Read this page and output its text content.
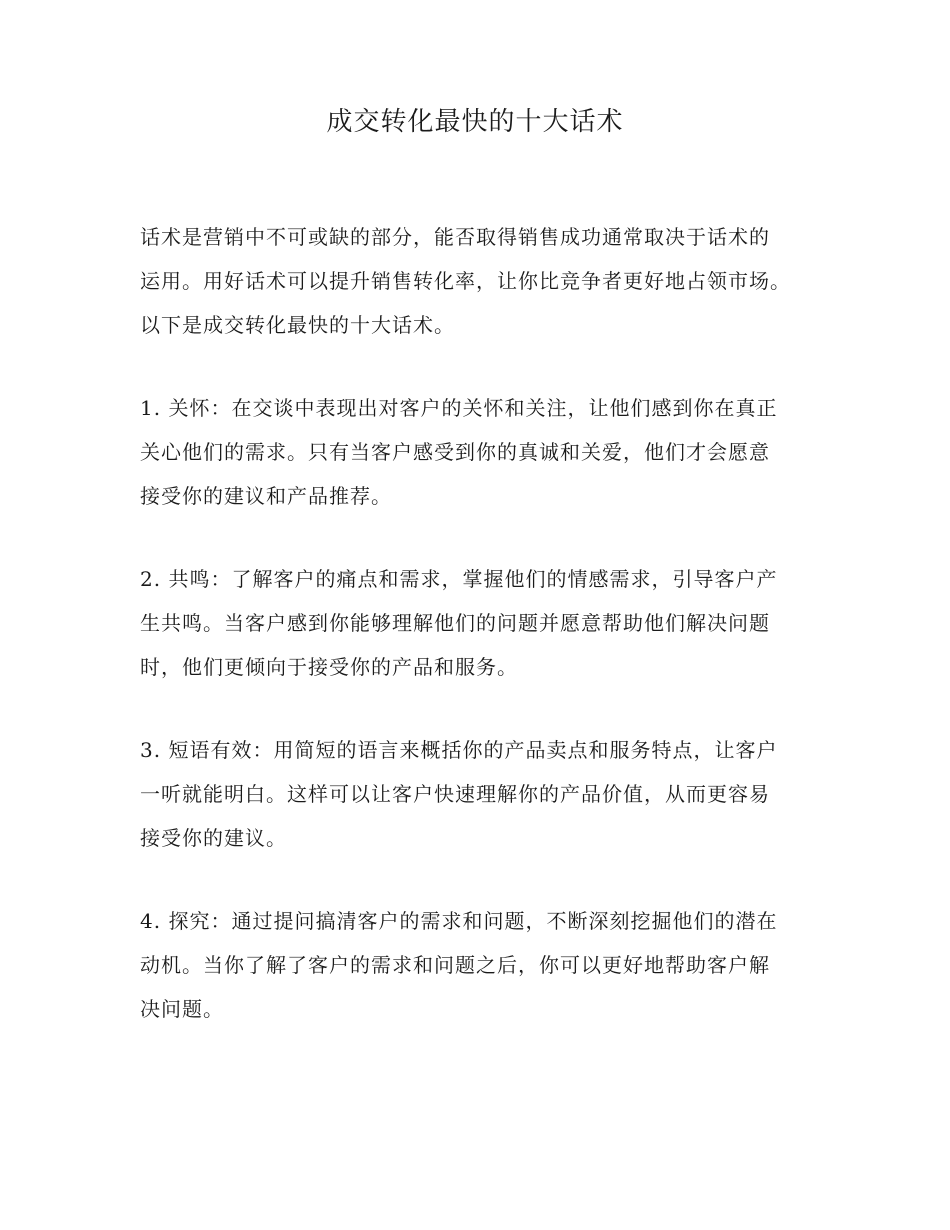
成交转化最快的十大话术
话术是营销中不可或缺的部分，能否取得销售成功通常取决于话术的
运用。用好话术可以提升销售转化率，让你比竞争者更好地占领市场。
以下是成交转化最快的十大话术。
1. 关怀：在交谈中表现出对客户的关怀和关注，让他们感到你在真正
关心他们的需求。只有当客户感受到你的真诚和关爱，他们才会愿意
接受你的建议和产品推荐。
2. 共鸣：了解客户的痛点和需求，掌握他们的情感需求，引导客户产
生共鸣。当客户感到你能够理解他们的问题并愿意帮助他们解决问题
时，他们更倾向于接受你的产品和服务。
3. 短语有效：用简短的语言来概括你的产品卖点和服务特点，让客户
一听就能明白。这样可以让客户快速理解你的产品价值，从而更容易
接受你的建议。
4. 探究：通过提问搞清客户的需求和问题，不断深刻挖掘他们的潜在
动机。当你了解了客户的需求和问题之后，你可以更好地帮助客户解
决问题。
